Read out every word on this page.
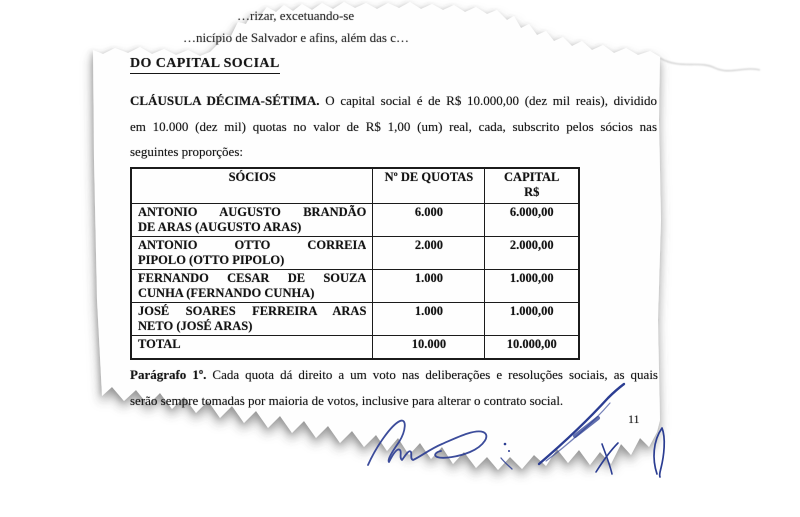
…rizar, excetuando-se
…nicípio de Salvador e afins, além das c…
DO CAPITAL SOCIAL
CLÁUSULA DÉCIMA-SÉTIMA. O capital social é de R$ 10.000,00 (dez mil reais), dividido
em 10.000 (dez mil) quotas no valor de R$ 1,00 (um) real, cada, subscrito pelos sócios nas
seguintes proporções:
SÓCIOS	Nº DE QUOTAS	CAPITAL
R$

ANTONIO AUGUSTO BRANDÃO
DE ARAS (AUGUSTO ARAS)	6.000	6.000,00

ANTONIO OTTO CORREIA
PIPOLO (OTTO PIPOLO)	2.000	2.000,00

FERNANDO CESAR DE SOUZA
CUNHA (FERNANDO CUNHA)	1.000	1.000,00

JOSÉ SOARES FERREIRA ARAS
NETO (JOSÉ ARAS)	1.000	1.000,00
TOTAL	10.000	10.000,00
Parágrafo 1º. Cada quota dá direito a um voto nas deliberações e resoluções sociais, as quais
serão sempre tomadas por maioria de votos, inclusive para alterar o contrato social.
11
